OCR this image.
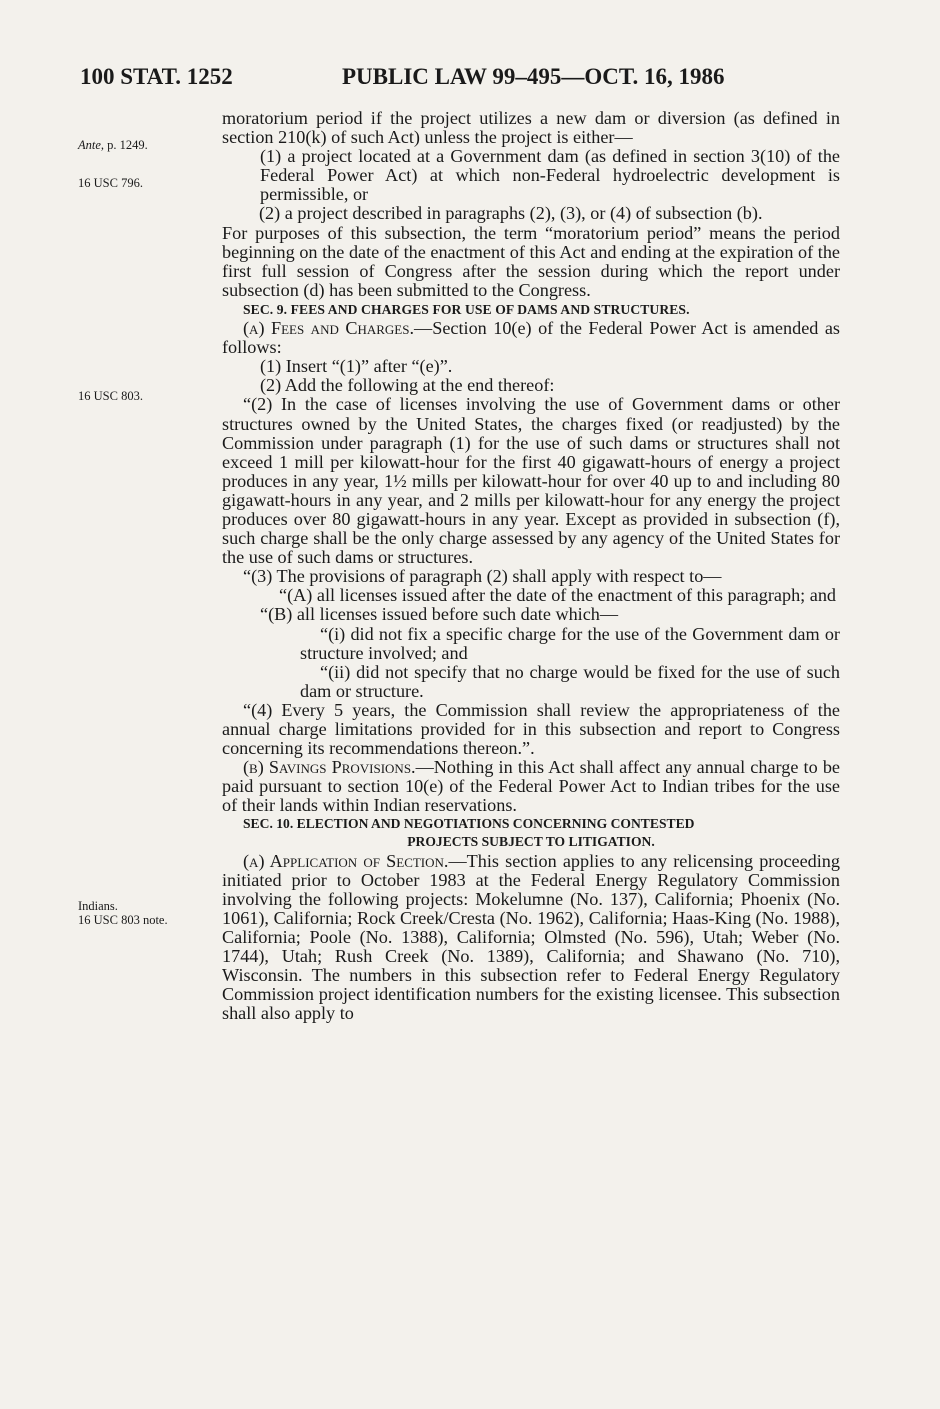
100 STAT. 1252	PUBLIC LAW 99–495—OCT. 16, 1986
Ante, p. 1249.
16 USC 796.
16 USC 803.
Indians.
16 USC 803 note.

moratorium period if the project utilizes a new dam or diversion (as defined in section 210(k) of such Act) unless the project is either—

(1) a project located at a Government dam (as defined in section 3(10) of the Federal Power Act) at which non-Federal hydroelectric development is permissible, or

(2) a project described in paragraphs (2), (3), or (4) of subsection (b).

For purposes of this subsection, the term “moratorium period” means the period beginning on the date of the enactment of this Act and ending at the expiration of the first full session of Congress after the session during which the report under subsection (d) has been submitted to the Congress.

SEC. 9. FEES AND CHARGES FOR USE OF DAMS AND STRUCTURES.

(a) Fees and Charges.—Section 10(e) of the Federal Power Act is amended as follows:

(1) Insert “(1)” after “(e)”.

(2) Add the following at the end thereof:

“(2) In the case of licenses involving the use of Government dams or other structures owned by the United States, the charges fixed (or readjusted) by the Commission under paragraph (1) for the use of such dams or structures shall not exceed 1 mill per kilowatt-hour for the first 40 gigawatt-hours of energy a project produces in any year, 1½ mills per kilowatt-hour for over 40 up to and including 80 gigawatt-hours in any year, and 2 mills per kilowatt-hour for any energy the project produces over 80 gigawatt-hours in any year. Except as provided in subsection (f), such charge shall be the only charge assessed by any agency of the United States for the use of such dams or structures.

“(3) The provisions of paragraph (2) shall apply with respect to—

“(A) all licenses issued after the date of the enactment of this paragraph; and

“(B) all licenses issued before such date which—

“(i) did not fix a specific charge for the use of the Government dam or structure involved; and

“(ii) did not specify that no charge would be fixed for the use of such dam or structure.

“(4) Every 5 years, the Commission shall review the appropriateness of the annual charge limitations provided for in this subsection and report to Congress concerning its recommendations thereon.”.

(b) Savings Provisions.—Nothing in this Act shall affect any annual charge to be paid pursuant to section 10(e) of the Federal Power Act to Indian tribes for the use of their lands within Indian reservations.

SEC. 10. ELECTION AND NEGOTIATIONS CONCERNING CONTESTED

PROJECTS SUBJECT TO LITIGATION.

(a) Application of Section.—This section applies to any relicensing proceeding initiated prior to October 1983 at the Federal Energy Regulatory Commission involving the following projects: Mokelumne (No. 137), California; Phoenix (No. 1061), California; Rock Creek/Cresta (No. 1962), California; Haas-King (No. 1988), California; Poole (No. 1388), California; Olmsted (No. 596), Utah; Weber (No. 1744), Utah; Rush Creek (No. 1389), California; and Shawano (No. 710), Wisconsin. The numbers in this subsection refer to Federal Energy Regulatory Commission project identification numbers for the existing licensee. This subsection shall also apply to
